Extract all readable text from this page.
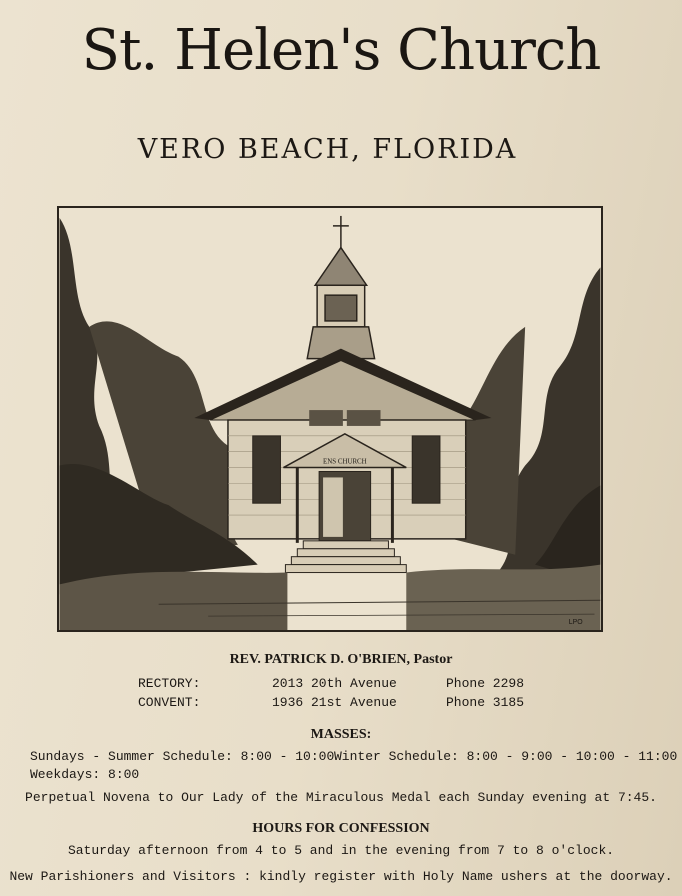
St. Helen's Church
VERO BEACH, FLORIDA
ENS CHURCH
LPO
REV. PATRICK D. O'BRIEN, Pastor
RECTORY:	2013 20th Avenue	Phone 2298
CONVENT:	1936 21st Avenue	Phone 3185
MASSES:
Sundays - Summer Schedule: 8:00 - 10:00 Winter Schedule: 8:00 - 9:00 - 10:00 - 11:00
Weekdays: 8:00
Perpetual Novena to Our Lady of the Miraculous Medal each Sunday evening at 7:45.
HOURS FOR CONFESSION
Saturday afternoon from 4 to 5 and in the evening from 7 to 8 o'clock.
New Parishioners and Visitors : kindly register with Holy Name ushers at the doorway.
